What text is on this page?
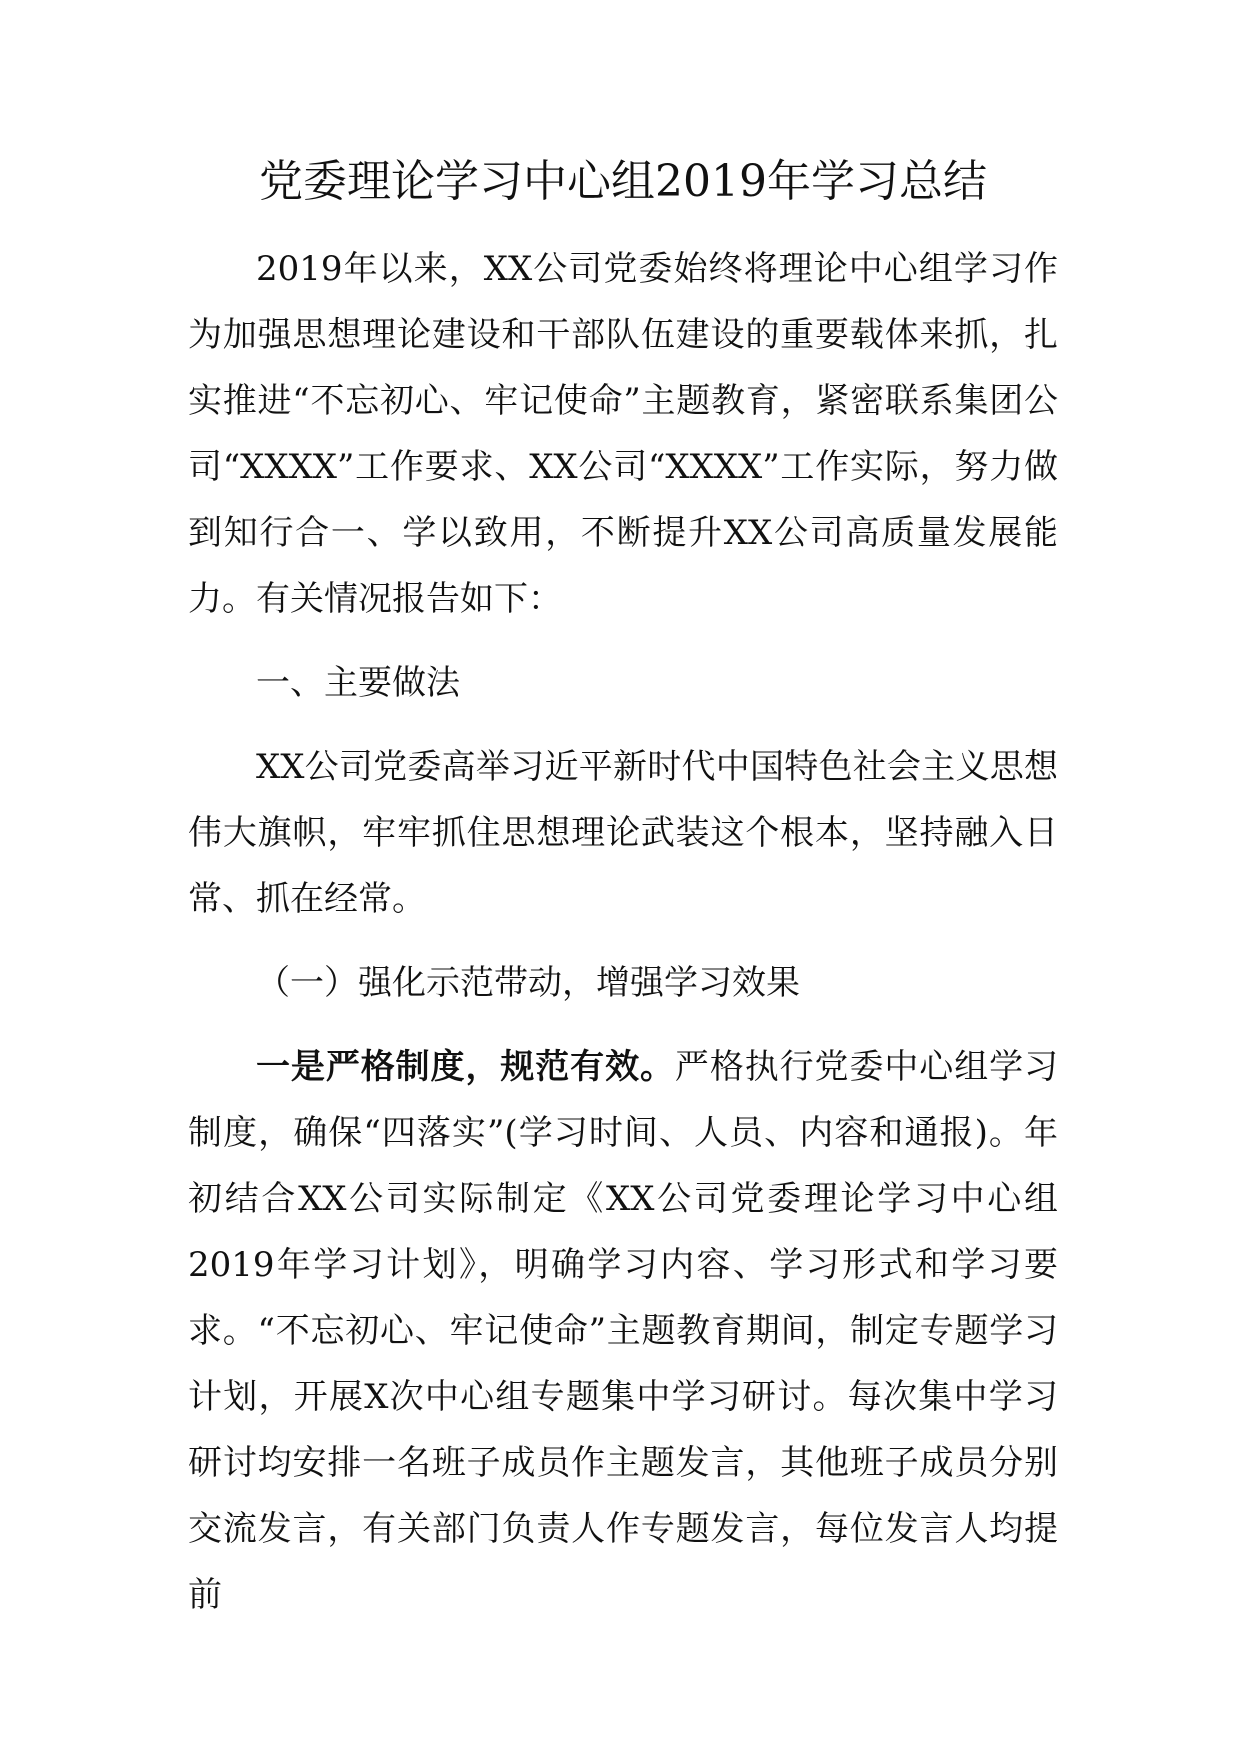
党委理论学习中心组2019年学习总结

2019年以来，XX公司党委始终将理论中心组学习作为加强思想理论建设和干部队伍建设的重要载体来抓，扎实推进“不忘初心、牢记使命”主题教育，紧密联系集团公司“XXXX”工作要求、XX公司“XXXX”工作实际，努力做到知行合一、学以致用，不断提升XX公司高质量发展能力。有关情况报告如下：

一、主要做法

XX公司党委高举习近平新时代中国特色社会主义思想伟大旗帜，牢牢抓住思想理论武装这个根本，坚持融入日常、抓在经常。

（一）强化示范带动，增强学习效果

一是严格制度，规范有效。严格执行党委中心组学习制度，确保“四落实”(学习时间、人员、内容和通报)。年初结合XX公司实际制定《XX公司党委理论学习中心组2019年学习计划》，明确学习内容、学习形式和学习要求。“不忘初心、牢记使命”主题教育期间，制定专题学习计划，开展X次中心组专题集中学习研讨。每次集中学习研讨均安排一名班子成员作主题发言，其他班子成员分别交流发言，有关部门负责人作专题发言，每位发言人均提前
